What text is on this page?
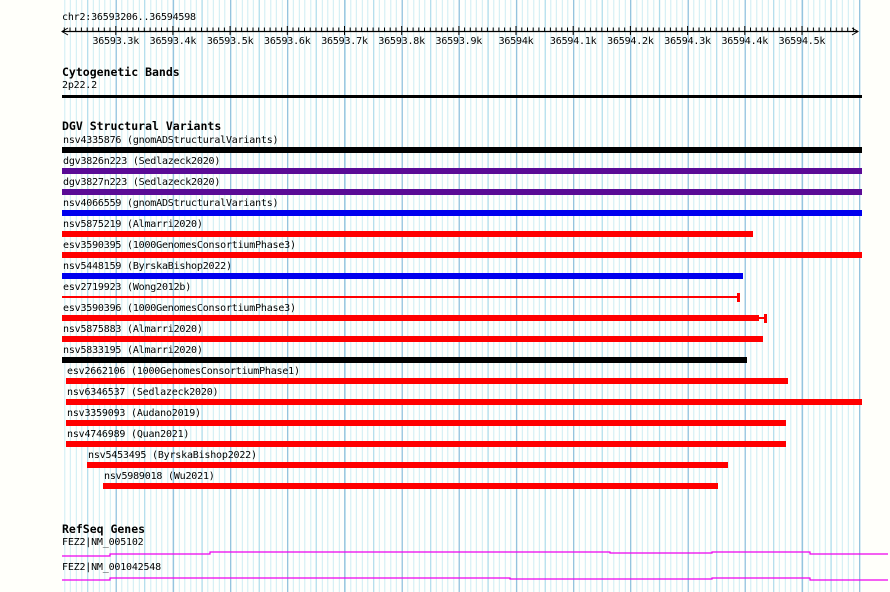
chr2:36593206..36594598
36593.3k 36593.4k 36593.5k 36593.6k 36593.7k 36593.8k 36593.9k 36594k 36594.1k 36594.2k 36594.3k 36594.4k 36594.5k
Cytogenetic Bands
2p22.2
DGV Structural Variants
nsv4335876 (gnomADStructuralVariants)
dgv3826n223 (Sedlazeck2020)
dgv3827n223 (Sedlazeck2020)
nsv4066559 (gnomADStructuralVariants)
nsv5875219 (Almarri2020)
esv3590395 (1000GenomesConsortiumPhase3)
nsv5448159 (ByrskaBishop2022)
esv2719923 (Wong2012b)
esv3590396 (1000GenomesConsortiumPhase3)
nsv5875883 (Almarri2020)
nsv5833195 (Almarri2020)
esv2662106 (1000GenomesConsortiumPhase1)
nsv6346537 (Sedlazeck2020)
nsv3359093 (Audano2019)
nsv4746989 (Quan2021)
nsv5453495 (ByrskaBishop2022)
nsv5989018 (Wu2021)
RefSeq Genes
FEZ2|NM_005102
FEZ2|NM_001042548
